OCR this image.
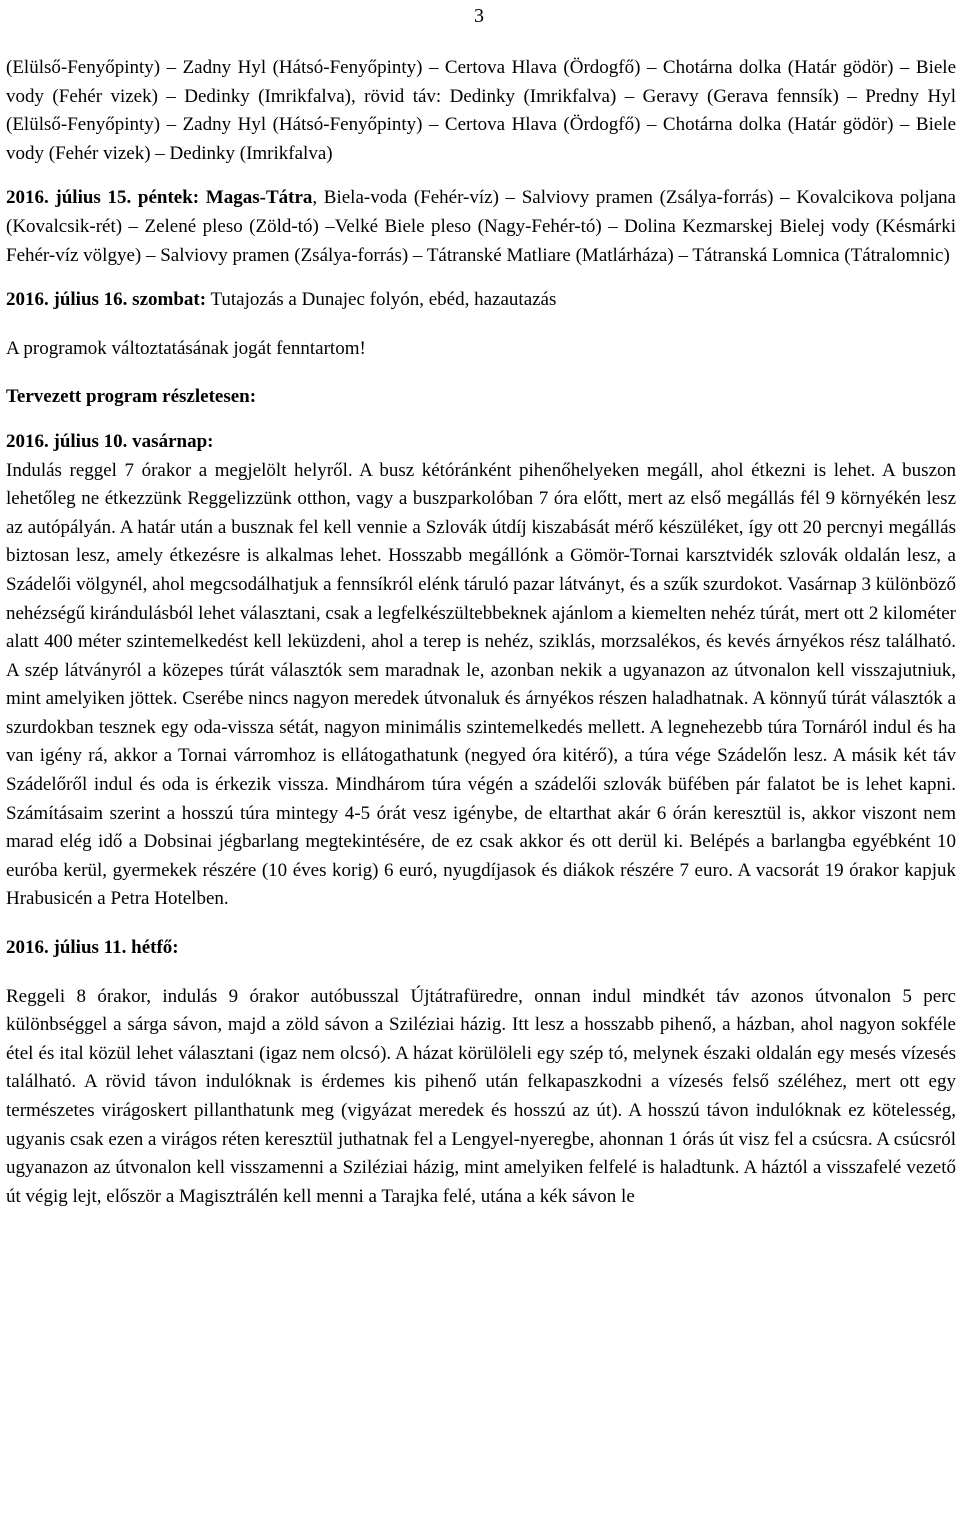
3

(Elülső-Fenyőpinty) ‒ Zadny Hyl (Hátsó-Fenyőpinty) ‒ Certova Hlava (Ördogfő) ‒ Chotárna dolka (Határ gödör) ‒ Biele vody (Fehér vizek) ‒ Dedinky (Imrikfalva), rövid táv: Dedinky (Imrikfalva) ‒ Geravy (Gerava fennsík) ‒ Predny Hyl (Elülső-Fenyőpinty) ‒ Zadny Hyl (Hátsó-Fenyőpinty) ‒ Certova Hlava (Ördogfő) ‒ Chotárna dolka (Határ gödör) ‒ Biele vody (Fehér vizek) ‒ Dedinky (Imrikfalva)

2016. július 15. péntek: Magas-Tátra, Biela-voda (Fehér-víz) ‒ Salviovy pramen (Zsálya-forrás) ‒ Kovalcikova poljana (Kovalcsik-rét) ‒ Zelené pleso (Zöld-tó) ‒Velké Biele pleso (Nagy-Fehér-tó) ‒ Dolina Kezmarskej Bielej vody (Késmárki Fehér-víz völgye) ‒ Salviovy pramen (Zsálya-forrás) ‒ Tátranské Matliare (Matlárháza) ‒ Tátranská Lomnica (Tátralomnic)

2016. július 16. szombat: Tutajozás a Dunajec folyón, ebéd, hazautazás

A programok változtatásának jogát fenntartom!

Tervezett program részletesen:

2016. július 10. vasárnap:

Indulás reggel 7 órakor a megjelölt helyről. A busz kétóránként pihenőhelyeken megáll, ahol étkezni is lehet. A buszon lehetőleg ne étkezzünk Reggelizzünk otthon, vagy a buszparkolóban 7 óra előtt, mert az első megállás fél 9 környékén lesz az autópályán. A határ után a busznak fel kell vennie a Szlovák útdíj kiszabását mérő készüléket, így ott 20 percnyi megállás biztosan lesz, amely étkezésre is alkalmas lehet. Hosszabb megállónk a Gömör-Tornai karsztvidék szlovák oldalán lesz, a Szádelői völgynél, ahol megcsodálhatjuk a fennsíkról elénk táruló pazar látványt, és a szűk szurdokot. Vasárnap 3 különböző nehézségű kirándulásból lehet választani, csak a legfelkészültebbeknek ajánlom a kiemelten nehéz túrát, mert ott 2 kilométer alatt 400 méter szintemelkedést kell leküzdeni, ahol a terep is nehéz, sziklás, morzsalékos, és kevés árnyékos rész található. A szép látványról a közepes túrát választók sem maradnak le, azonban nekik a ugyanazon az útvonalon kell visszajutniuk, mint amelyiken jöttek. Cserébe nincs nagyon meredek útvonaluk és árnyékos részen haladhatnak. A könnyű túrát választók a szurdokban tesznek egy oda-vissza sétát, nagyon minimális szintemelkedés mellett. A legnehezebb túra Tornáról indul és ha van igény rá, akkor a Tornai várromhoz is ellátogathatunk (negyed óra kitérő), a túra vége Szádelőn lesz. A másik két táv Szádelőről indul és oda is érkezik vissza. Mindhárom túra végén a szádelői szlovák büfében pár falatot be is lehet kapni. Számításaim szerint a hosszú túra mintegy 4-5 órát vesz igénybe, de eltarthat akár 6 órán keresztül is, akkor viszont nem marad elég idő a Dobsinai jégbarlang megtekintésére, de ez csak akkor és ott derül ki. Belépés a barlangba egyébként 10 euróba kerül, gyermekek részére (10 éves korig) 6 euró, nyugdíjasok és diákok részére 7 euro. A vacsorát 19 órakor kapjuk Hrabusicén a Petra Hotelben.

2016. július 11. hétfő:

Reggeli 8 órakor, indulás 9 órakor autóbusszal Újtátrafüredre, onnan indul mindkét táv azonos útvonalon 5 perc különbséggel a sárga sávon, majd a zöld sávon a Sziléziai házig. Itt lesz a hosszabb pihenő, a házban, ahol nagyon sokféle étel és ital közül lehet választani (igaz nem olcsó). A házat körülöleli egy szép tó, melynek északi oldalán egy mesés vízesés található. A rövid távon indulóknak is érdemes kis pihenő után felkapaszkodni a vízesés felső széléhez, mert ott egy természetes virágoskert pillanthatunk meg (vigyázat meredek és hosszú az út). A hosszú távon indulóknak ez kötelesség, ugyanis csak ezen a virágos réten keresztül juthatnak fel a Lengyel-nyeregbe, ahonnan 1 órás út visz fel a csúcsra. A csúcsról ugyanazon az útvonalon kell visszamenni a Sziléziai házig, mint amelyiken felfelé is haladtunk. A háztól a visszafelé vezető út végig lejt, először a Magisztrálén kell menni a Tarajka felé, utána a kék sávon le
